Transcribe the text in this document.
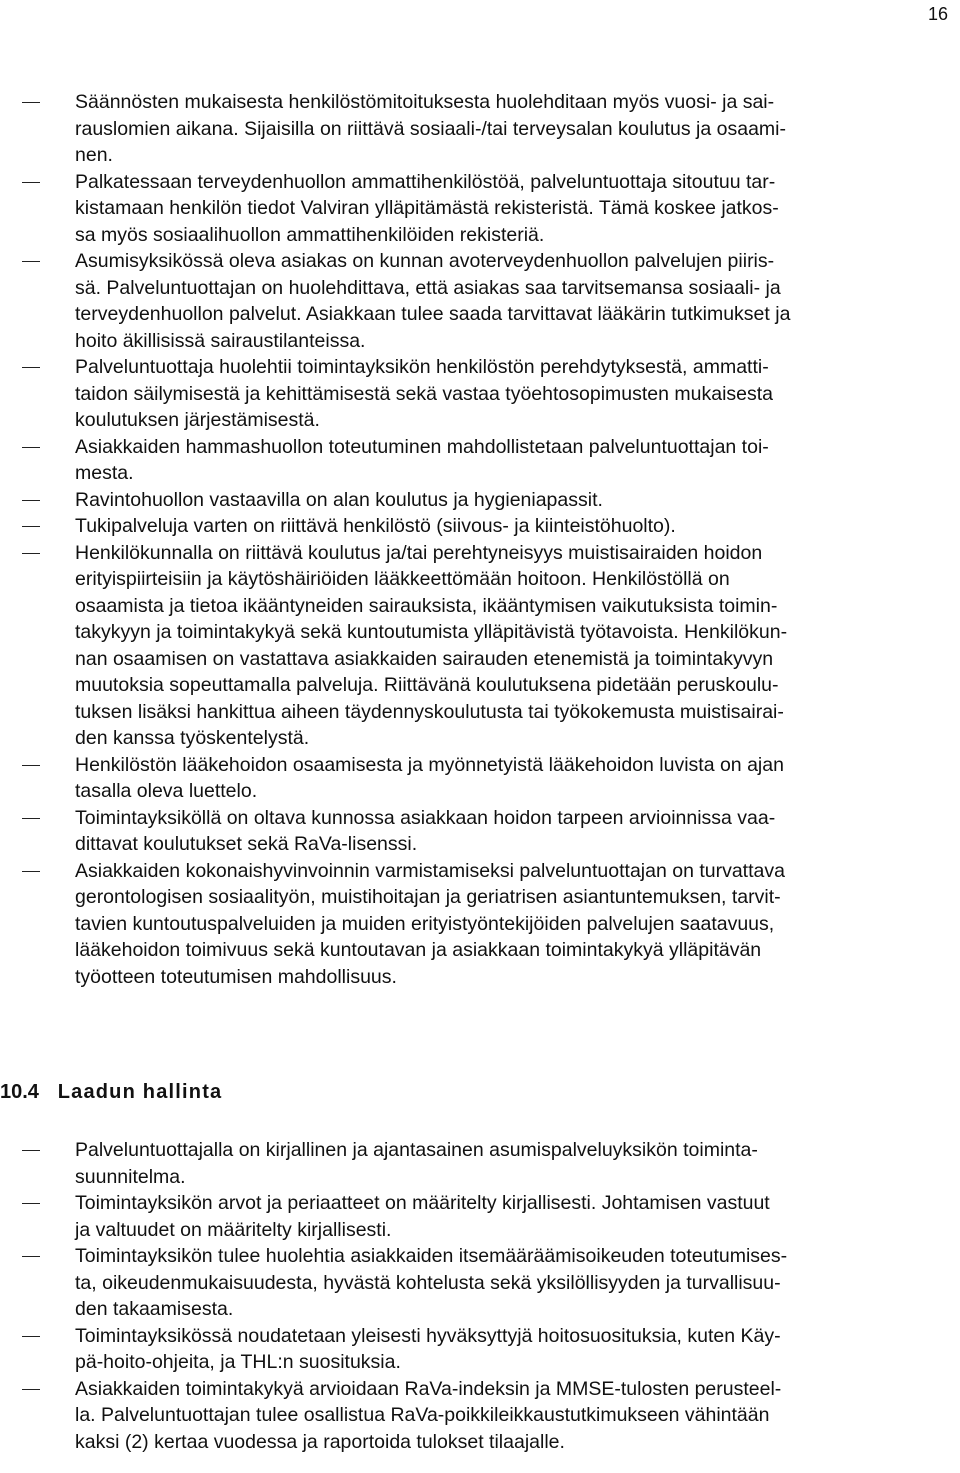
16
Säännösten mukaisesta henkilöstömitoituksesta huolehditaan myös vuosi- ja sai-
rauslomien aikana. Sijaisilla on riittävä sosiaali-/tai terveysalan koulutus ja osaami-
nen.
Palkatessaan terveydenhuollon ammattihenkilöstöä, palveluntuottaja sitoutuu tar-
kistamaan henkilön tiedot Valviran ylläpitämästä rekisteristä. Tämä koskee jatkos-
sa myös sosiaalihuollon ammattihenkilöiden rekisteriä.
Asumisyksikössä oleva asiakas on kunnan avoterveydenhuollon palvelujen piiris-
sä. Palveluntuottajan on huolehdittava, että asiakas saa tarvitsemansa sosiaali- ja
terveydenhuollon palvelut. Asiakkaan tulee saada tarvittavat lääkärin tutkimukset ja
hoito äkillisissä sairaustilanteissa.
Palveluntuottaja huolehtii toimintayksikön henkilöstön perehdytyksestä, ammatti-
taidon säilymisestä ja kehittämisestä sekä vastaa työehtosopimusten mukaisesta
koulutuksen järjestämisestä.
Asiakkaiden hammashuollon toteutuminen mahdollistetaan palveluntuottajan toi-
mesta.
Ravintohuollon vastaavilla on alan koulutus ja hygieniapassit.
Tukipalveluja varten on riittävä henkilöstö (siivous- ja kiinteistöhuolto).
Henkilökunnalla on riittävä koulutus ja/tai perehtyneisyys muistisairaiden hoidon
erityispiirteisiin ja käytöshäiriöiden lääkkeettömään hoitoon. Henkilöstöllä on
osaamista ja tietoa ikääntyneiden sairauksista, ikääntymisen vaikutuksista toimin-
takykyyn ja toimintakykyä sekä kuntoutumista ylläpitävistä työtavoista. Henkilökun-
nan osaamisen on vastattava asiakkaiden sairauden etenemistä ja toimintakyvyn
muutoksia sopeuttamalla palveluja. Riittävänä koulutuksena pidetään peruskoulu-
tuksen lisäksi hankittua aiheen täydennyskoulutusta tai työkokemusta muistisairai-
den kanssa työskentelystä.
Henkilöstön lääkehoidon osaamisesta ja myönnetyistä lääkehoidon luvista on ajan
tasalla oleva luettelo.
Toimintayksiköllä on oltava kunnossa asiakkaan hoidon tarpeen arvioinnissa vaa-
dittavat koulutukset sekä RaVa-lisenssi.
Asiakkaiden kokonaishyvinvoinnin varmistamiseksi palveluntuottajan on turvattava
gerontologisen sosiaalityön, muistihoitajan ja geriatrisen asiantuntemuksen, tarvit-
tavien kuntoutuspalveluiden ja muiden erityistyöntekijöiden palvelujen saatavuus,
lääkehoidon toimivuus sekä kuntoutavan ja asiakkaan toimintakykyä ylläpitävän
työotteen toteutumisen mahdollisuus.
10.4 Laadun hallinta
Palveluntuottajalla on kirjallinen ja ajantasainen asumispalveluyksikön toiminta-
suunnitelma.
Toimintayksikön arvot ja periaatteet on määritelty kirjallisesti. Johtamisen vastuut
ja valtuudet on määritelty kirjallisesti.
Toimintayksikön tulee huolehtia asiakkaiden itsemääräämisoikeuden toteutumises-
ta, oikeudenmukaisuudesta, hyvästä kohtelusta sekä yksilöllisyyden ja turvallisuu-
den takaamisesta.
Toimintayksikössä noudatetaan yleisesti hyväksyttyjä hoitosuosituksia, kuten Käy-
pä-hoito-ohjeita, ja THL:n suosituksia.
Asiakkaiden toimintakykyä arvioidaan RaVa-indeksin ja MMSE-tulosten perusteel-
la. Palveluntuottajan tulee osallistua RaVa-poikkileikkaustutkimukseen vähintään
kaksi (2) kertaa vuodessa ja raportoida tulokset tilaajalle.
